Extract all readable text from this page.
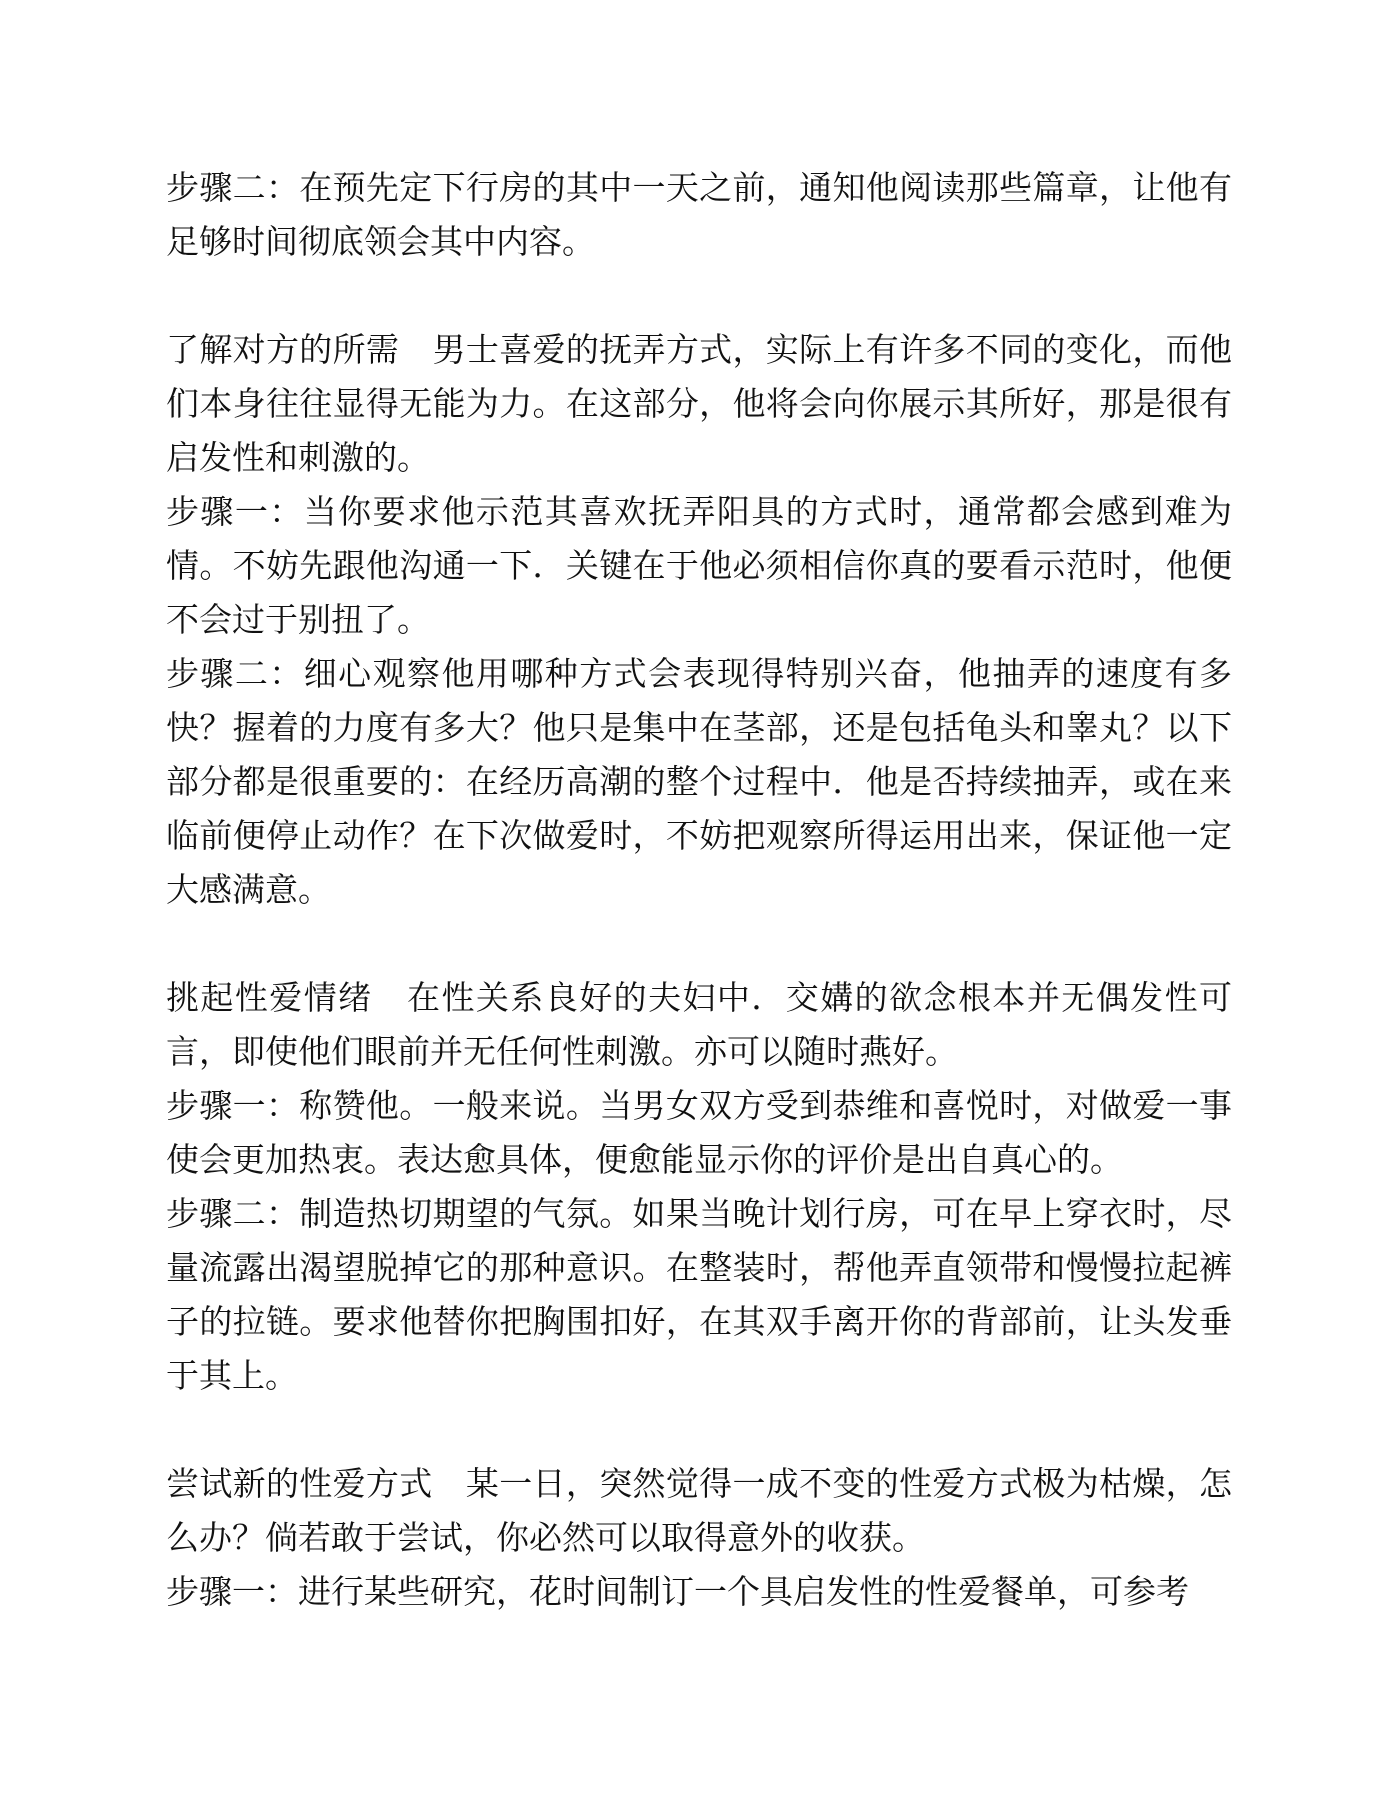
步骤二：在预先定下行房的其中一天之前，通知他阅读那些篇章，让他有足够时间彻底领会其中内容。

了解对方的所需　男士喜爱的抚弄方式，实际上有许多不同的变化，而他们本身往往显得无能为力。在这部分，他将会向你展示其所好，那是很有启发性和刺激的。

步骤一：当你要求他示范其喜欢抚弄阳具的方式时，通常都会感到难为情。不妨先跟他沟通一下．关键在于他必须相信你真的要看示范时，他便不会过于别扭了。

步骤二：细心观察他用哪种方式会表现得特别兴奋，他抽弄的速度有多快？握着的力度有多大？他只是集中在茎部，还是包括龟头和睾丸？以下部分都是很重要的：在经历高潮的整个过程中．他是否持续抽弄，或在来临前便停止动作？在下次做爱时，不妨把观察所得运用出来，保证他一定大感满意。

挑起性爱情绪　在性关系良好的夫妇中．交媾的欲念根本并无偶发性可言，即使他们眼前并无任何性刺激。亦可以随时燕好。

步骤一：称赞他。一般来说。当男女双方受到恭维和喜悦时，对做爱一事使会更加热衷。表达愈具体，便愈能显示你的评价是出自真心的。

步骤二：制造热切期望的气氛。如果当晚计划行房，可在早上穿衣时，尽量流露出渴望脱掉它的那种意识。在整装时，帮他弄直领带和慢慢拉起裤子的拉链。要求他替你把胸围扣好，在其双手离开你的背部前，让头发垂于其上。

尝试新的性爱方式　某一日，突然觉得一成不变的性爱方式极为枯燥，怎么办？倘若敢于尝试，你必然可以取得意外的收获。

步骤一：进行某些研究，花时间制订一个具启发性的性爱餐单，可参考
